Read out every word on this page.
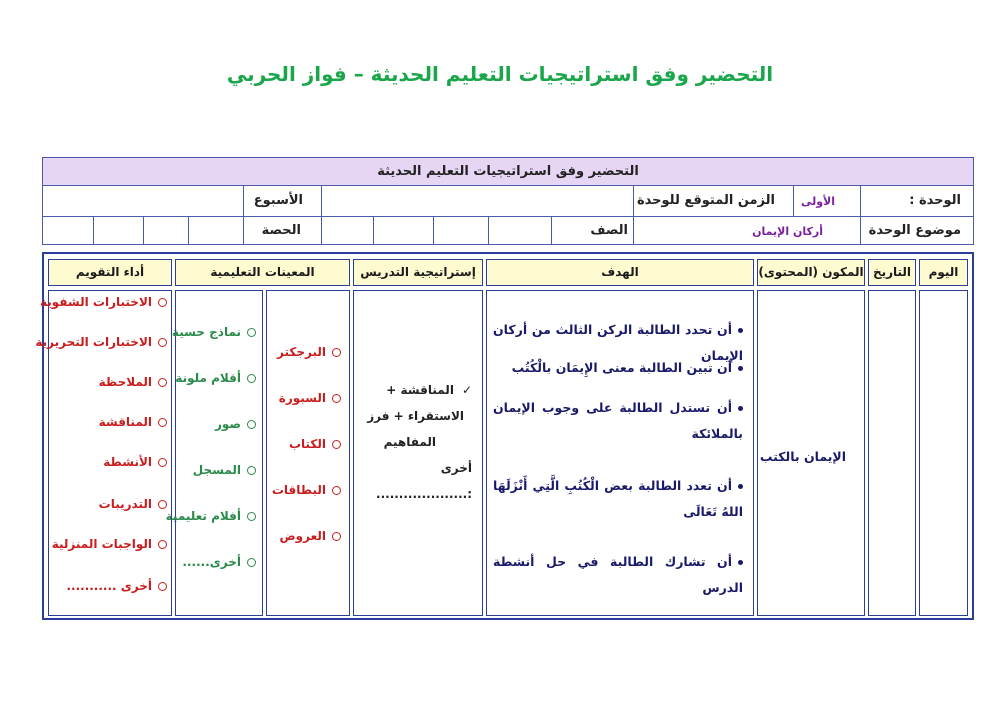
التحضير وفق استراتيجيات التعليم الحديثة – فواز الحربي
التحضير وفق استراتيجيات التعليم الحديثة
الوحدة :
الأولى
الزمن المتوقع للوحدة
الأسبوع
موضوع الوحدة
أركان الإيمان
الصف
الحصة
اليوم
التاريخ
المكون (المحتوى)
الهدف
إستراتيجية التدريس
المعينات التعليمية
أداء التقويم
الإيمان بالكتب
أن تحدد الطالبة الركن الثالث من أركان الإيمان
أن تبين الطالبة معنى الإِيمَان بالْكُتُب
أن تستدل الطالبة على وجوب الإيمان بالملائكة
أن تعدد الطالبة بعض الْكُتُبِ الَّتِي أَنْزَلَهَا اللهُ تَعَالَى
أن تشارك الطالبة في حل أنشطة الدرس
✓المناقشة +
الاستقراء + فرز
المفاهيم
أخرى :....................
البرجكتر
السبورة
الكتاب
البطاقات
العروض
نماذج حسية
أقلام ملونة
صور
المسجل
أفلام تعليمية
أخرى......
الاختبارات الشفوية
الاختبارات التحريرية
الملاحظة
المناقشة
الأنشطة
التدريبات
الواجبات المنزلية
أخرى ...........
